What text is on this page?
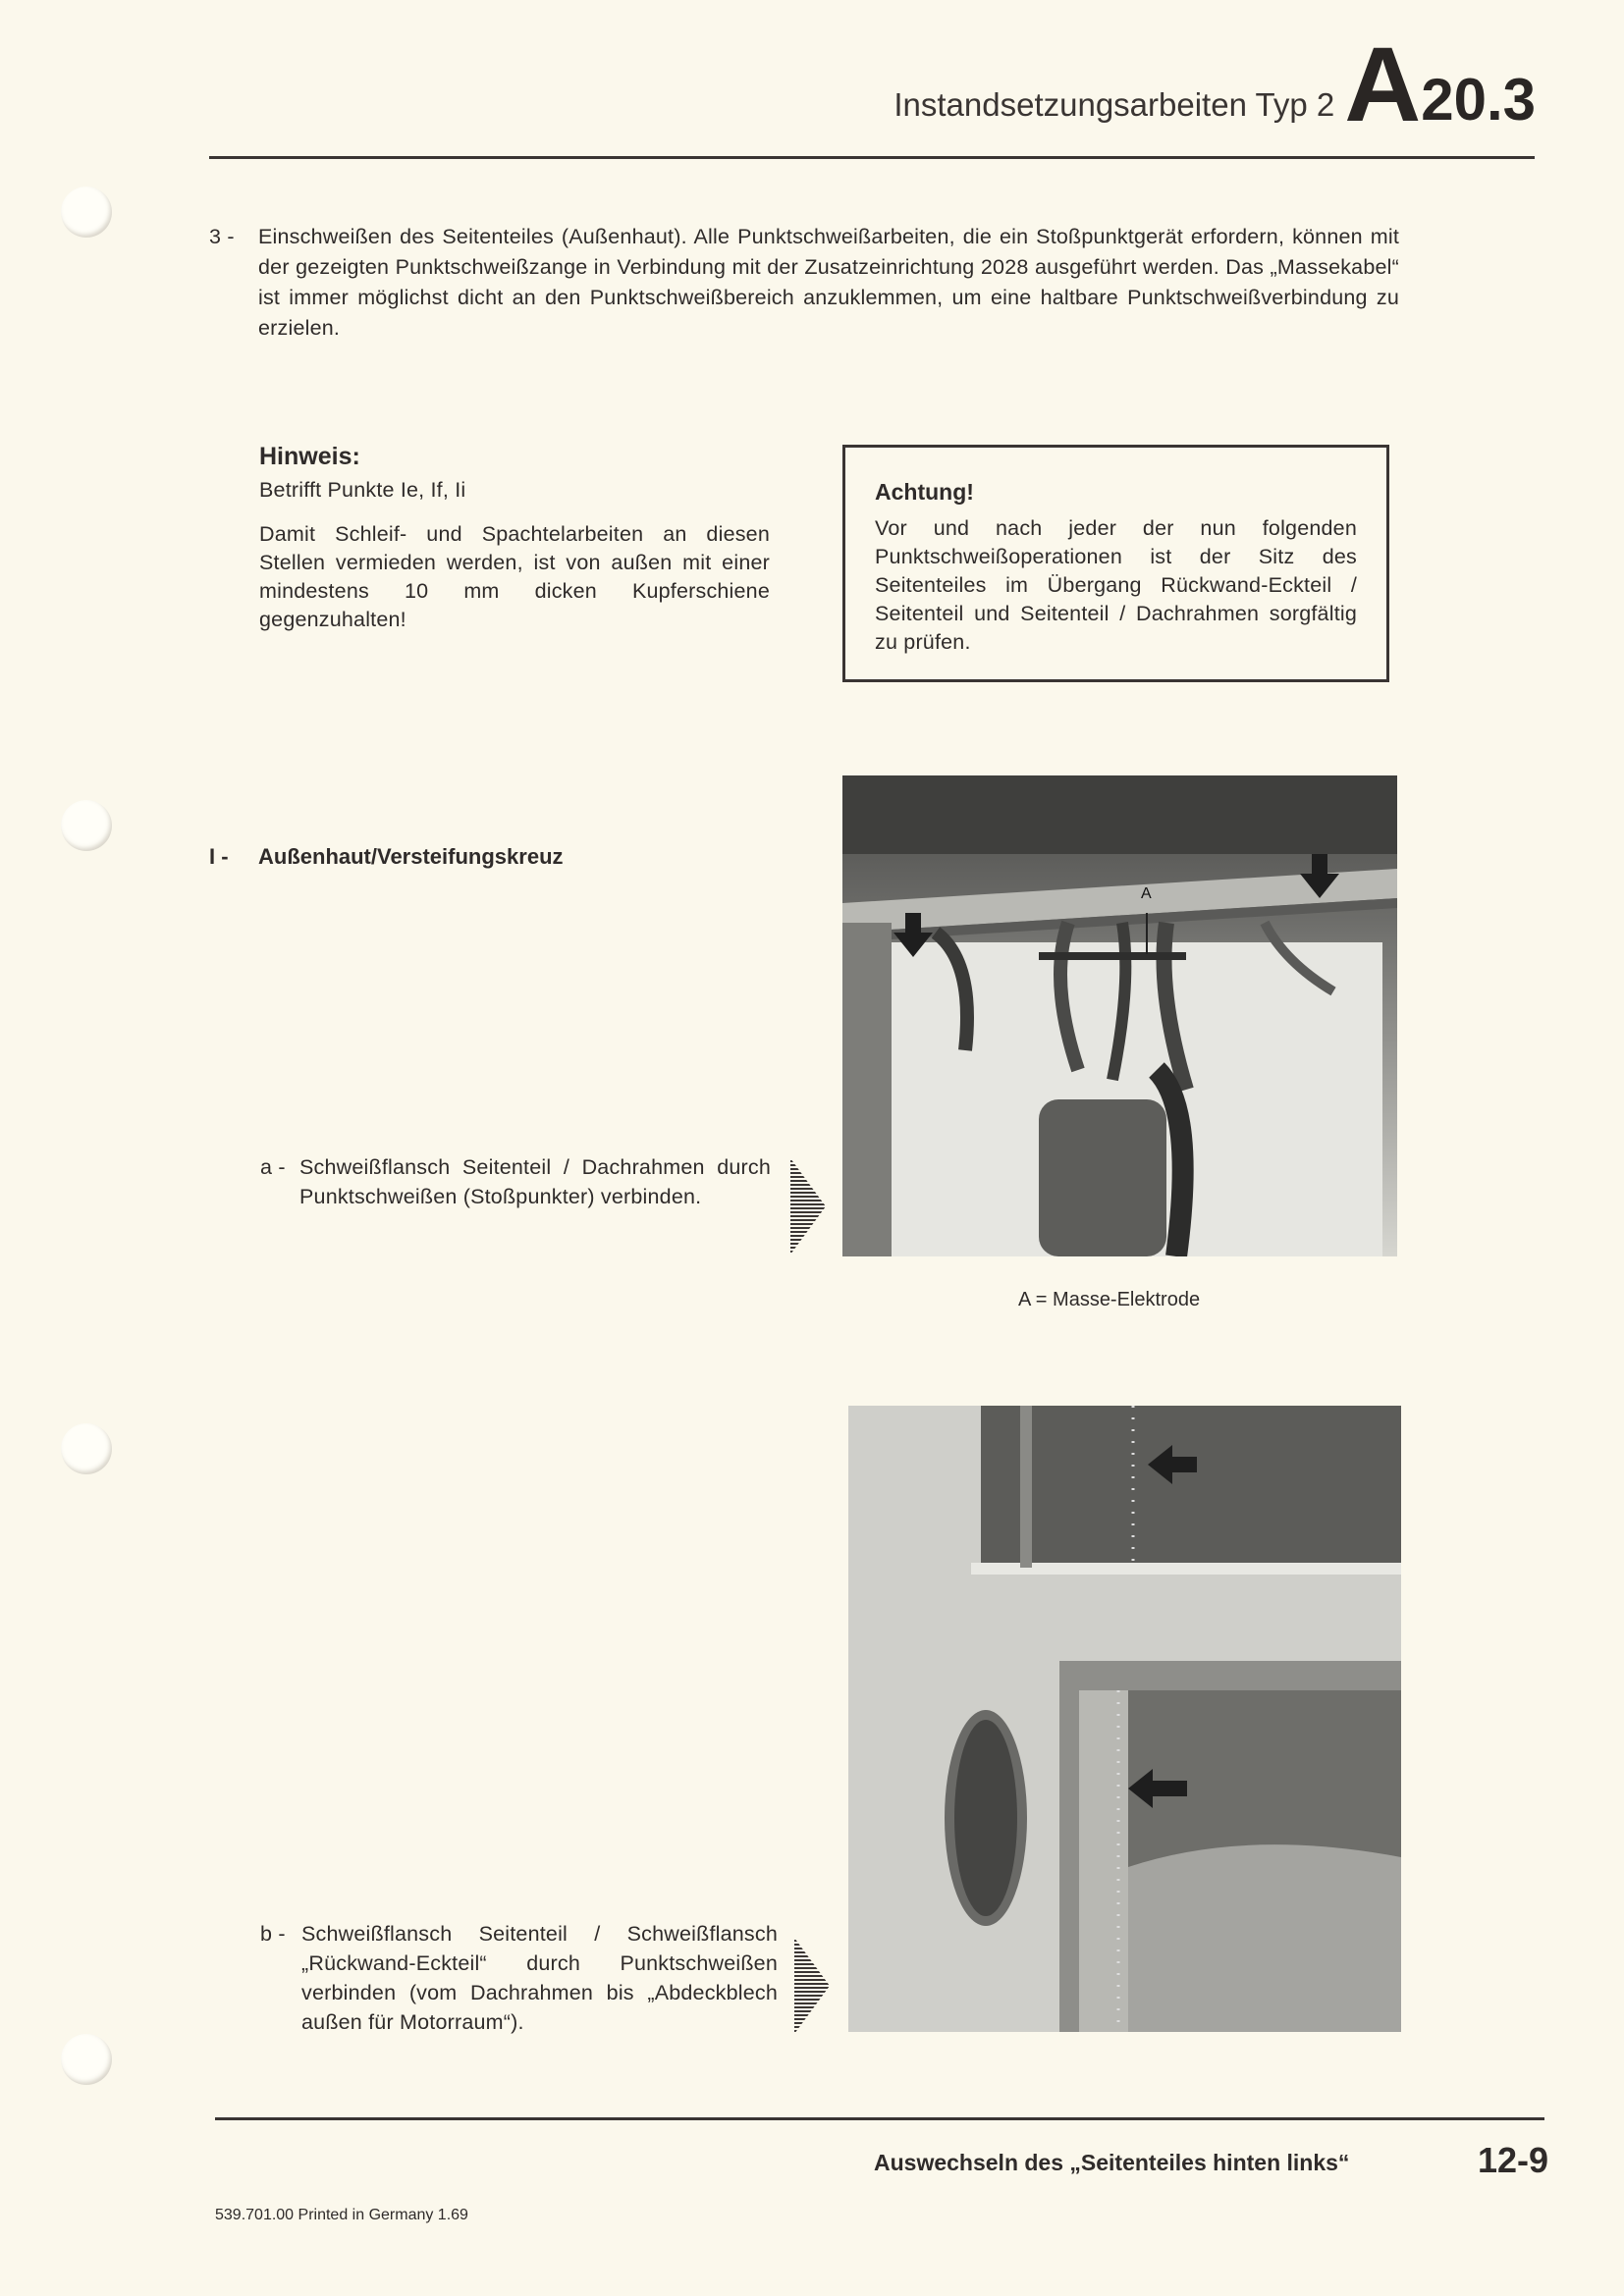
Instandsetzungsarbeiten Typ 2 A 20.3
3 -	Einschweißen des Seitenteiles (Außenhaut). Alle Punktschweißarbeiten, die ein Stoßpunktgerät erfordern, können mit der gezeigten Punktschweißzange in Verbindung mit der Zusatzeinrichtung 2028 ausgeführt werden. Das „Massekabel“ ist immer möglichst dicht an den Punktschweißbereich anzuklemmen, um eine haltbare Punktschweißverbindung zu erzielen.
Hinweis:
Betrifft Punkte Ie, If, Ii
Damit Schleif- und Spachtelarbeiten an diesen Stellen vermieden werden, ist von außen mit einer mindestens 10 mm dicken Kupferschiene gegenzuhalten!
Achtung!
Vor und nach jeder der nun folgenden Punktschweißoperationen ist der Sitz des Seitenteiles im Übergang Rückwand-Eckteil / Seitenteil und Seitenteil / Dachrahmen sorgfältig zu prüfen.
I -	Außenhaut/Versteifungskreuz
A
A = Masse-Elektrode
a - Schweißflansch Seitenteil / Dachrahmen durch Punktschweißen (Stoßpunkter) verbinden.
b - Schweißflansch Seitenteil / Schweißflansch „Rückwand-Eckteil“ durch Punktschweißen verbinden (vom Dachrahmen bis „Abdeckblech außen für Motorraum“).
Auswechseln des „Seitenteiles hinten links“	12-9
539.701.00 Printed in Germany 1.69
